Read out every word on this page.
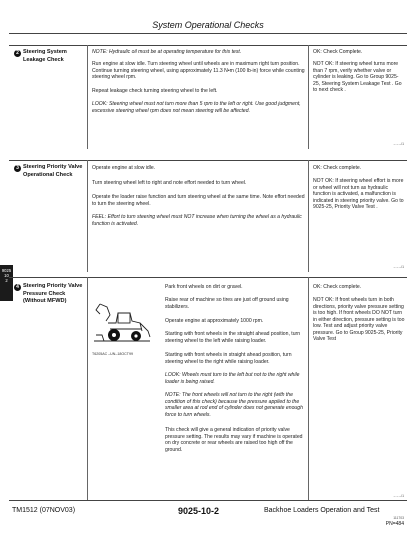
System Operational Checks
9025
10
2
2 Steering System Leakage Check
NOTE: Hydraulic oil must be at operating temperature for this test.
Run engine at slow idle. Turn steering wheel until wheels are in maximum right turn position. Continue turning steering wheel, using approximately 11.3 N•m (100 lb-in) force while counting steering wheel rpm.
Repeat leakage check turning steering wheel to the left.
LOOK: Steering wheel must not turn more than 5 rpm to the left or right. Use good judgment, excessive steering wheel rpm does not mean steering will be affected.
OK: Check Complete.
NOT OK: If steering wheel turns more than 7 rpm, verify whether valve or cylinder is leaking. Go to Group 9025-25, Steering System Leakage Test . Go to next check .
– – –/1
3 Steering Priority Valve Operational Check
Operate engine at slow idle.
Turn steering wheel left to right and note effort needed to turn wheel.
Operate the loader raise function and turn steering wheel at the same time. Note effort needed to turn the steering wheel.
FEEL: Effort to turn steering wheel must NOT increase when turning the wheel as a hydraulic function is activated.
OK: Check complete.
NOT OK: If steering wheel effort is more or wheel will not turn as hydraulic function is activated, a malfunction is indicated in steering priority valve. Go to 9025-25, Priority Valve Test .
– – –/1
4 Steering Priority Valve Pressure Check (Without MFWD)
T6205AC –UN–18OCT99
Park front wheels on dirt or gravel.
Raise rear of machine so tires are just off ground using stabilizers.
Operate engine at approximately 1000 rpm.
Starting with front wheels in the straight ahead position, turn steering wheel to the left while raising loader.
Starting with front wheels in straight ahead position, turn steering wheel to the right while raising loader.
LOOK: Wheels must turn to the left but not to the right while loader is being raised.
NOTE: The front wheels will not turn to the right (with the condition of this check) because the pressure applied to the smaller area at rod end of cylinder does not generate enough force to turn wheels.
This check will give a general indication of priority valve pressure setting. The results may vary if machine is operated on dry concrete or rear wheels are raised too high off the ground.
OK: Check complete.
NOT OK: If front wheels turn in both directions, priority valve pressure setting is too high. If front wheels DO NOT turn in either direction, pressure setting is too low. Test and adjust priority valve pressure. Go to Group 9025-25, Priority Valve Test
– – –/1
TM1512 (07NOV03)	9025-10-2	Backhoe Loaders Operation and Test
111703
PN=484
